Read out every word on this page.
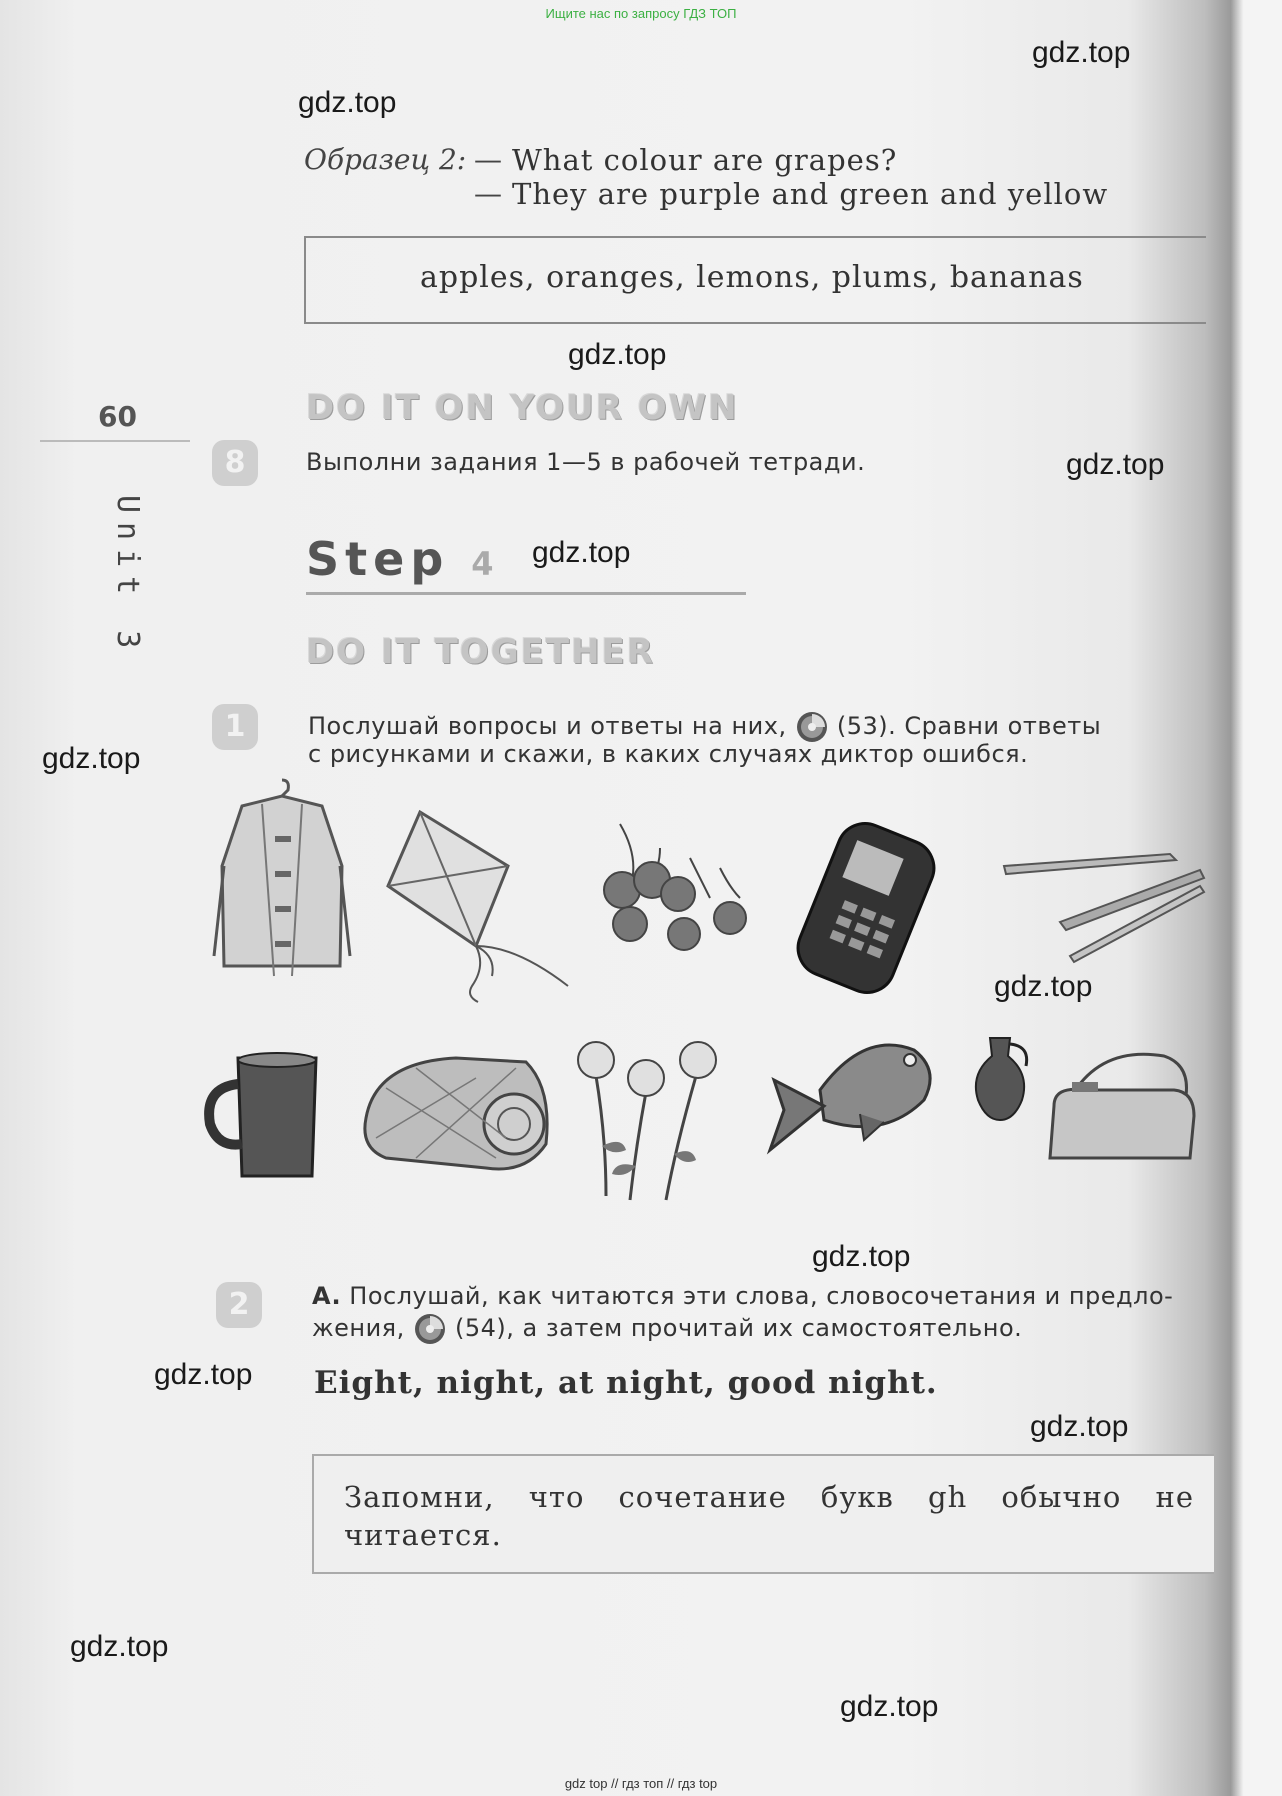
Ищите нас по запросу ГДЗ ТОП
gdz.top
gdz.top
gdz.top
gdz.top
gdz.top
gdz.top
gdz.top
gdz.top
gdz.top
gdz.top
gdz.top
gdz.top
Образец 2: —
—
What colour are grapes?
They are purple and green and yellow
apples, oranges, lemons, plums, bananas
60
Unit 3
DO IT ON YOUR OWN
8	Выполни задания 1—5 в рабочей тетради.
Step 4
DO IT TOGETHER
1	Послушай вопросы и ответы на них, (53). Сравни ответы
с рисунками и скажи, в каких случаях диктор ошибся.
2	A. Послушай, как читаются эти слова, словосочетания и предло-
жения, (54), а затем прочитай их самостоятельно.
Eight, night, at night, good night.
Запомни, что сочетание букв gh обычно не читается.
gdz top // гдз топ // гдз top
